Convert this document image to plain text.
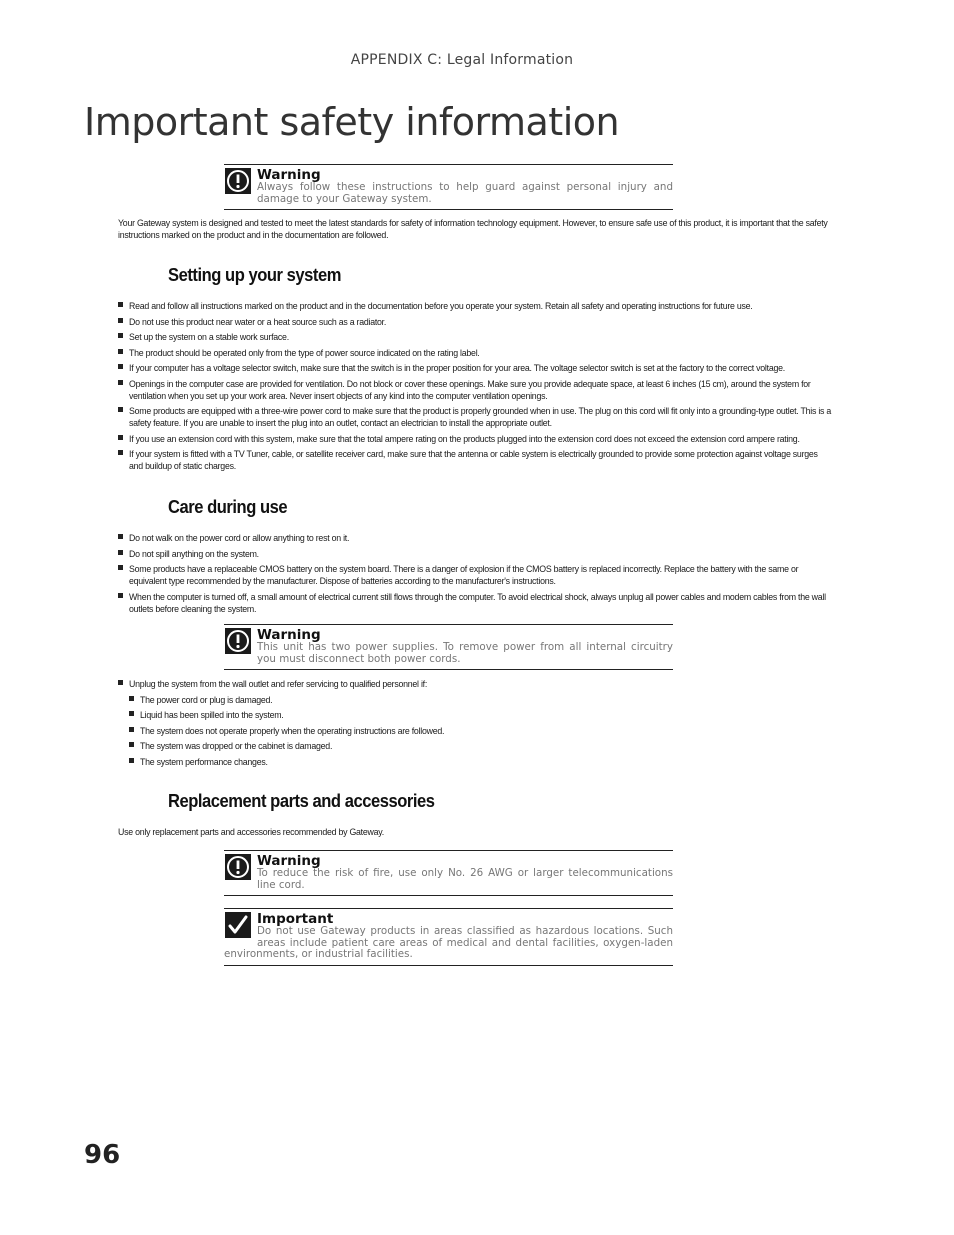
APPENDIX C: Legal Information
Important safety information
Warning
Always follow these instructions to help guard against personal injury and damage to your Gateway system.
Your Gateway system is designed and tested to meet the latest standards for safety of information technology equipment. However, to ensure safe use of this product, it is important that the safety instructions marked on the product and in the documentation are followed.
Setting up your system
Read and follow all instructions marked on the product and in the documentation before you operate your system. Retain all safety and operating instructions for future use.
Do not use this product near water or a heat source such as a radiator.
Set up the system on a stable work surface.
The product should be operated only from the type of power source indicated on the rating label.
If your computer has a voltage selector switch, make sure that the switch is in the proper position for your area. The voltage selector switch is set at the factory to the correct voltage.
Openings in the computer case are provided for ventilation. Do not block or cover these openings. Make sure you provide adequate space, at least 6 inches (15 cm), around the system for ventilation when you set up your work area. Never insert objects of any kind into the computer ventilation openings.
Some products are equipped with a three-wire power cord to make sure that the product is properly grounded when in use. The plug on this cord will fit only into a grounding-type outlet. This is a safety feature. If you are unable to insert the plug into an outlet, contact an electrician to install the appropriate outlet.
If you use an extension cord with this system, make sure that the total ampere rating on the products plugged into the extension cord does not exceed the extension cord ampere rating.
If your system is fitted with a TV Tuner, cable, or satellite receiver card, make sure that the antenna or cable system is electrically grounded to provide some protection against voltage surges and buildup of static charges.
Care during use
Do not walk on the power cord or allow anything to rest on it.
Do not spill anything on the system.
Some products have a replaceable CMOS battery on the system board. There is a danger of explosion if the CMOS battery is replaced incorrectly. Replace the battery with the same or equivalent type recommended by the manufacturer. Dispose of batteries according to the manufacturer's instructions.
When the computer is turned off, a small amount of electrical current still flows through the computer. To avoid electrical shock, always unplug all power cables and modem cables from the wall outlets before cleaning the system.
Warning
This unit has two power supplies. To remove power from all internal circuitry you must disconnect both power cords.
Unplug the system from the wall outlet and refer servicing to qualified personnel if:
The power cord or plug is damaged.
Liquid has been spilled into the system.
The system does not operate properly when the operating instructions are followed.
The system was dropped or the cabinet is damaged.
The system performance changes.
Replacement parts and accessories
Use only replacement parts and accessories recommended by Gateway.
Warning
To reduce the risk of fire, use only No. 26 AWG or larger telecommunications line cord.
Important
Do not use Gateway products in areas classified as hazardous locations. Such areas include patient care areas of medical and dental facilities, oxygen-laden environments, or industrial facilities.
96
